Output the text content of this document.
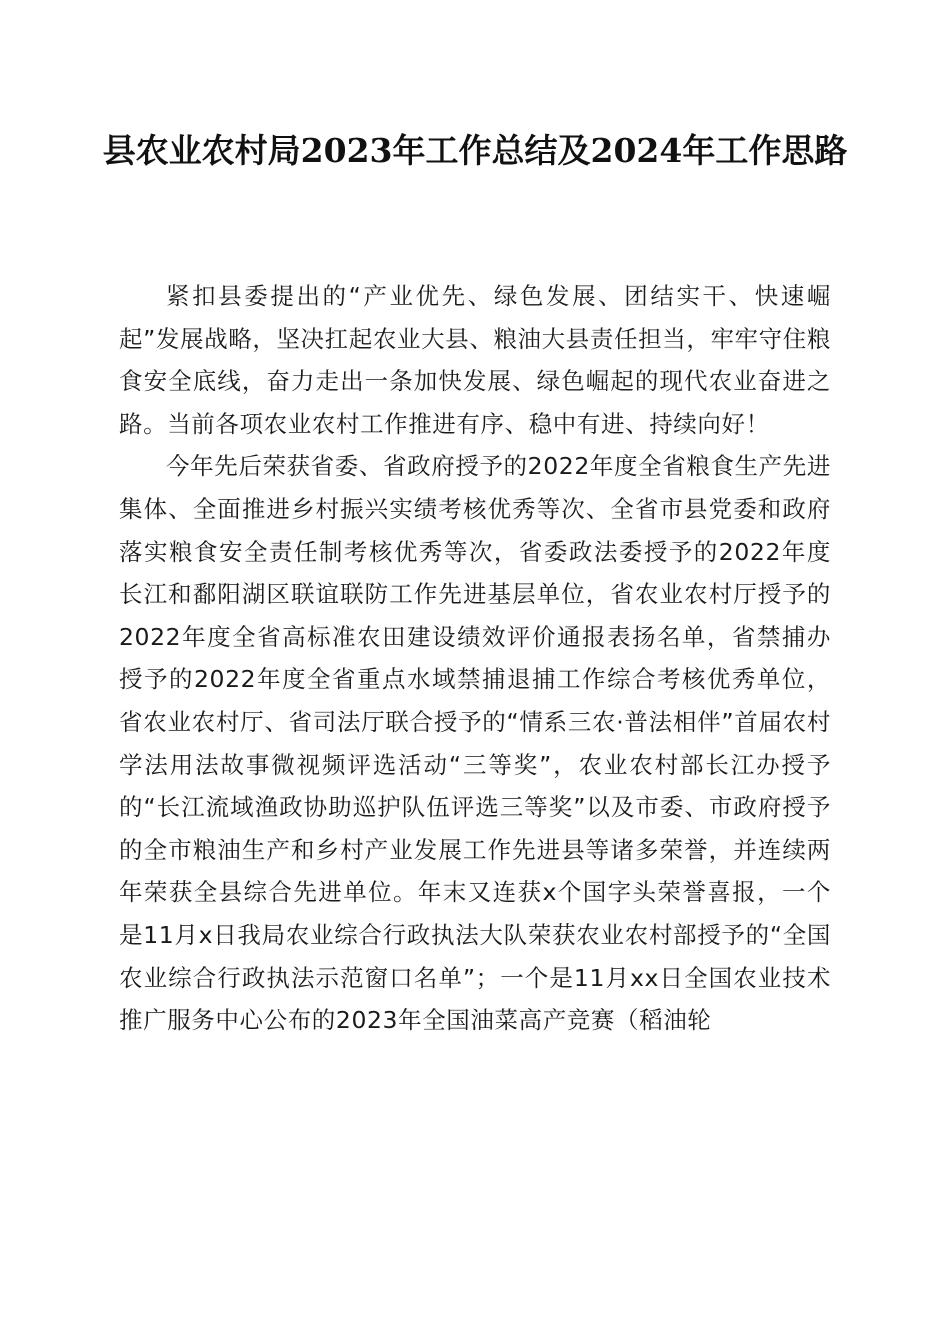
县农业农村局2023年工作总结及2024年工作思路

紧扣县委提出的“产业优先、绿色发展、团结实干、快速崛起”发展战略，坚决扛起农业大县、粮油大县责任担当，牢牢守住粮食安全底线，奋力走出一条加快发展、绿色崛起的现代农业奋进之路。当前各项农业农村工作推进有序、稳中有进、持续向好！

今年先后荣获省委、省政府授予的2022年度全省粮食生产先进集体、全面推进乡村振兴实绩考核优秀等次、全省市县党委和政府落实粮食安全责任制考核优秀等次，省委政法委授予的2022年度长江和鄱阳湖区联谊联防工作先进基层单位，省农业农村厅授予的2022年度全省高标准农田建设绩效评价通报表扬名单，省禁捕办授予的2022年度全省重点水域禁捕退捕工作综合考核优秀单位，省农业农村厅、省司法厅联合授予的“情系三农·普法相伴”首届农村学法用法故事微视频评选活动“三等奖”，农业农村部长江办授予的“长江流域渔政协助巡护队伍评选三等奖”以及市委、市政府授予的全市粮油生产和乡村产业发展工作先进县等诸多荣誉，并连续两年荣获全县综合先进单位。年末又连获x个国字头荣誉喜报，一个是11月x日我局农业综合行政执法大队荣获农业农村部授予的“全国农业综合行政执法示范窗口名单”；一个是11月xx日全国农业技术推广服务中心公布的2023年全国油菜高产竞赛（稻油轮
